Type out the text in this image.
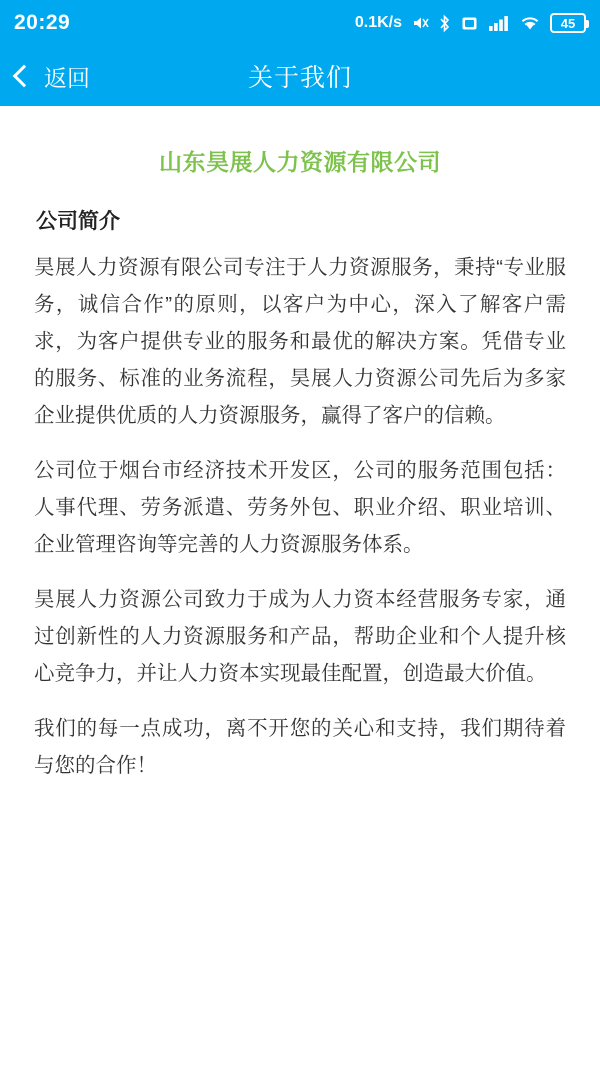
20:29	0.1K/s	45
返回	关于我们
山东昊展人力资源有限公司
公司简介

昊展人力资源有限公司专注于人力资源服务，秉持“专业服务，诚信合作”的原则，以客户为中心，深入了解客户需求，为客户提供专业的服务和最优的解决方案。凭借专业的服务、标准的业务流程，昊展人力资源公司先后为多家企业提供优质的人力资源服务，赢得了客户的信赖。

公司位于烟台市经济技术开发区，公司的服务范围包括：人事代理、劳务派遣、劳务外包、职业介绍、职业培训、企业管理咨询等完善的人力资源服务体系。

昊展人力资源公司致力于成为人力资本经营服务专家，通过创新性的人力资源服务和产品，帮助企业和个人提升核心竞争力，并让人力资本实现最佳配置，创造最大价值。

我们的每一点成功，离不开您的关心和支持，我们期待着与您的合作！
